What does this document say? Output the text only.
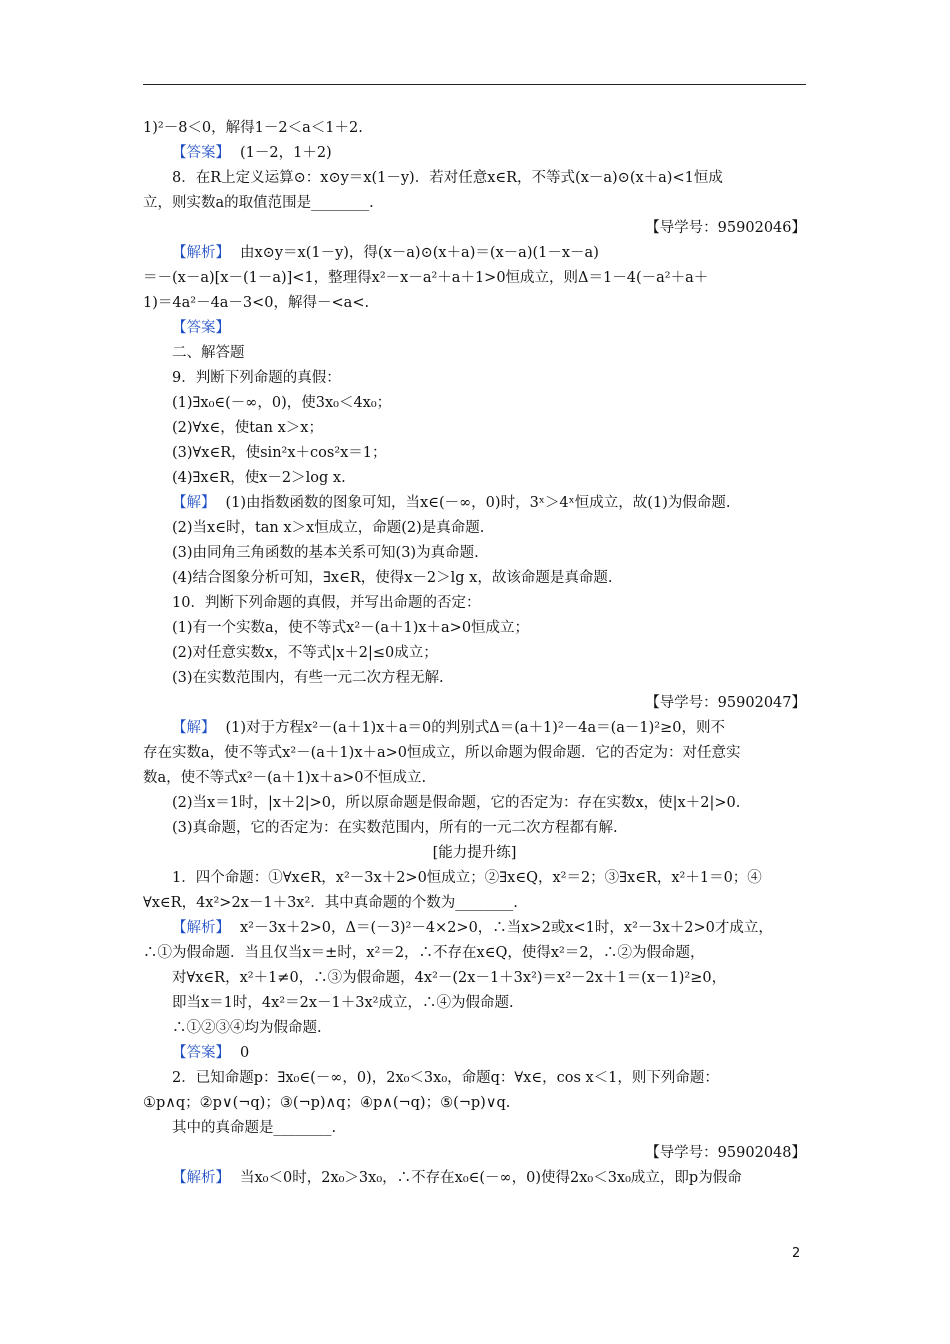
1)²－8＜0，解得1－2＜a＜1＋2.
【答案】 (1－2，1＋2)
8．在R上定义运算⊙：x⊙y＝x(1－y)．若对任意x∈R，不等式(x－a)⊙(x＋a)<1恒成
立，则实数a的取值范围是________.
【导学号：95902046】
【解析】 由x⊙y＝x(1－y)，得(x－a)⊙(x＋a)＝(x－a)(1－x－a)
＝－(x－a)[x－(1－a)]<1，整理得x²－x－a²＋a＋1>0恒成立，则Δ＝1－4(－a²＋a＋
1)＝4a²－4a－3<0，解得－<a<.
【答案】
二、解答题
9．判断下列命题的真假：
(1)∃x₀∈(－∞，0)，使3x₀＜4x₀；
(2)∀x∈，使tan x＞x；
(3)∀x∈R，使sin²x＋cos²x＝1；
(4)∃x∈R，使x－2＞log x.
【解】 (1)由指数函数的图象可知，当x∈(－∞，0)时，3ˣ＞4ˣ恒成立，故(1)为假命题.
(2)当x∈时，tan x＞x恒成立，命题(2)是真命题.
(3)由同角三角函数的基本关系可知(3)为真命题.
(4)结合图象分析可知，∃x∈R，使得x－2＞lg x，故该命题是真命题.
10．判断下列命题的真假，并写出命题的否定：
(1)有一个实数a，使不等式x²－(a＋1)x＋a>0恒成立；
(2)对任意实数x，不等式|x＋2|≤0成立；
(3)在实数范围内，有些一元二次方程无解.
【导学号：95902047】
【解】 (1)对于方程x²－(a＋1)x＋a＝0的判别式Δ＝(a＋1)²－4a＝(a－1)²≥0，则不
存在实数a，使不等式x²－(a＋1)x＋a>0恒成立，所以命题为假命题．它的否定为：对任意实
数a，使不等式x²－(a＋1)x＋a>0不恒成立.
(2)当x＝1时，|x＋2|>0，所以原命题是假命题，它的否定为：存在实数x，使|x＋2|>0.
(3)真命题，它的否定为：在实数范围内，所有的一元二次方程都有解.
[能力提升练]
1．四个命题：①∀x∈R，x²－3x＋2>0恒成立；②∃x∈Q，x²＝2；③∃x∈R，x²＋1＝0；④
∀x∈R，4x²>2x－1＋3x²．其中真命题的个数为________.
【解析】 x²－3x＋2>0，Δ＝(－3)²－4×2>0，∴当x>2或x<1时，x²－3x＋2>0才成立，
∴①为假命题．当且仅当x＝±时，x²＝2，∴不存在x∈Q，使得x²＝2，∴②为假命题，
对∀x∈R，x²＋1≠0，∴③为假命题，4x²－(2x－1＋3x²)＝x²－2x＋1＝(x－1)²≥0，
即当x＝1时，4x²＝2x－1＋3x²成立，∴④为假命题.
∴①②③④均为假命题.
【答案】 0
2．已知命题p：∃x₀∈(－∞，0)，2x₀＜3x₀，命题q：∀x∈，cos x＜1，则下列命题：
①p∧q；②p∨(¬q)；③(¬p)∧q；④p∧(¬q)；⑤(¬p)∨q.
其中的真命题是________.
【导学号：95902048】
【解析】 当x₀＜0时，2x₀＞3x₀，∴不存在x₀∈(－∞，0)使得2x₀＜3x₀成立，即p为假命
2
